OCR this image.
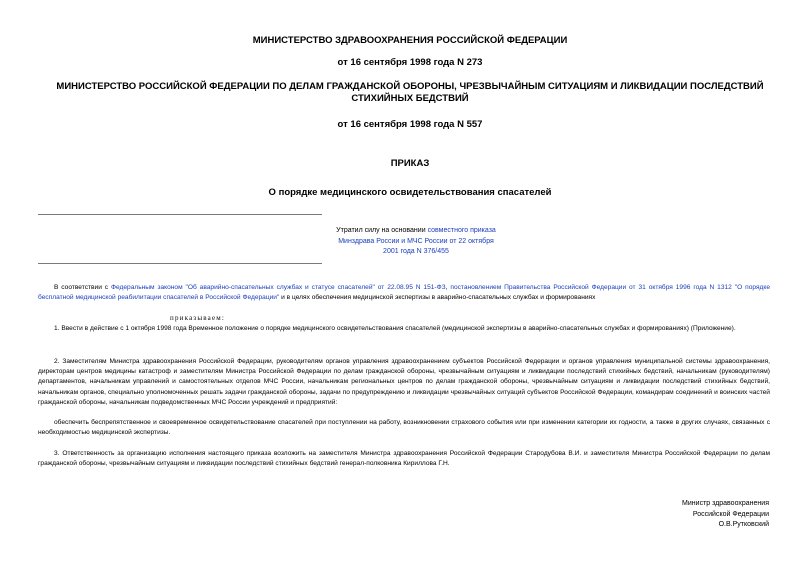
МИНИСТЕРСТВО ЗДРАВООХРАНЕНИЯ РОССИЙСКОЙ ФЕДЕРАЦИИ
от 16 сентября 1998 года N 273
МИНИСТЕРСТВО РОССИЙСКОЙ ФЕДЕРАЦИИ ПО ДЕЛАМ ГРАЖДАНСКОЙ ОБОРОНЫ, ЧРЕЗВЫЧАЙНЫМ СИТУАЦИЯМ И ЛИКВИДАЦИИ ПОСЛЕДСТВИЙ СТИХИЙНЫХ БЕДСТВИЙ
от 16 сентября 1998 года N 557
ПРИКАЗ
О порядке медицинского освидетельствования спасателей
Утратил силу на основании совместного приказа Минздрава России и МЧС России от 22 октября 2001 года N 376/455
В соответствии с Федеральным законом "Об аварийно-спасательных службах и статусе спасателей" от 22.08.95 N 151-ФЗ, постановлением Правительства Российской Федерации от 31 октября 1996 года N 1312 "О порядке бесплатной медицинской реабилитации спасателей в Российской Федерации" и в целях обеспечения медицинской экспертизы в аварийно-спасательных службах и формированиях
приказываем:
1. Ввести в действие с 1 октября 1998 года Временное положение о порядке медицинского освидетельствования спасателей (медицинской экспертизы в аварийно-спасательных службах и формированиях) (Приложение).
2. Заместителям Министра здравоохранения Российской Федерации, руководителям органов управления здравоохранением субъектов Российской Федерации и органов управления муниципальной системы здравоохранения, директорам центров медицины катастроф и заместителям Министра Российской Федерации по делам гражданской обороны, чрезвычайным ситуациям и ликвидации последствий стихийных бедствий, начальникам (руководителям) департаментов, начальникам управлений и самостоятельных отделов МЧС России, начальникам региональных центров по делам гражданской обороны, чрезвычайным ситуациям и ликвидации последствий стихийных бедствий, начальникам органов, специально уполномоченных решать задачи гражданской обороны, задачи по предупреждению и ликвидации чрезвычайных ситуаций субъектов Российской Федерации, командирам соединений и воинских частей гражданской обороны, начальникам подведомственных МЧС России учреждений и предприятий:
обеспечить беспрепятственное и своевременное освидетельствование спасателей при поступлении на работу, возникновении страхового события или при изменении категории их годности, а также в других случаях, связанных с необходимостью медицинской экспертизы.
3. Ответственность за организацию исполнения настоящего приказа возложить на заместителя Министра здравоохранения Российской Федерации Стародубова В.И. и заместителя Министра Российской Федерации по делам гражданской обороны, чрезвычайным ситуациям и ликвидации последствий стихийных бедствий генерал-полковника Кириллова Г.Н.
Министр здравоохранения
Российской Федерации
О.В.Рутковский
